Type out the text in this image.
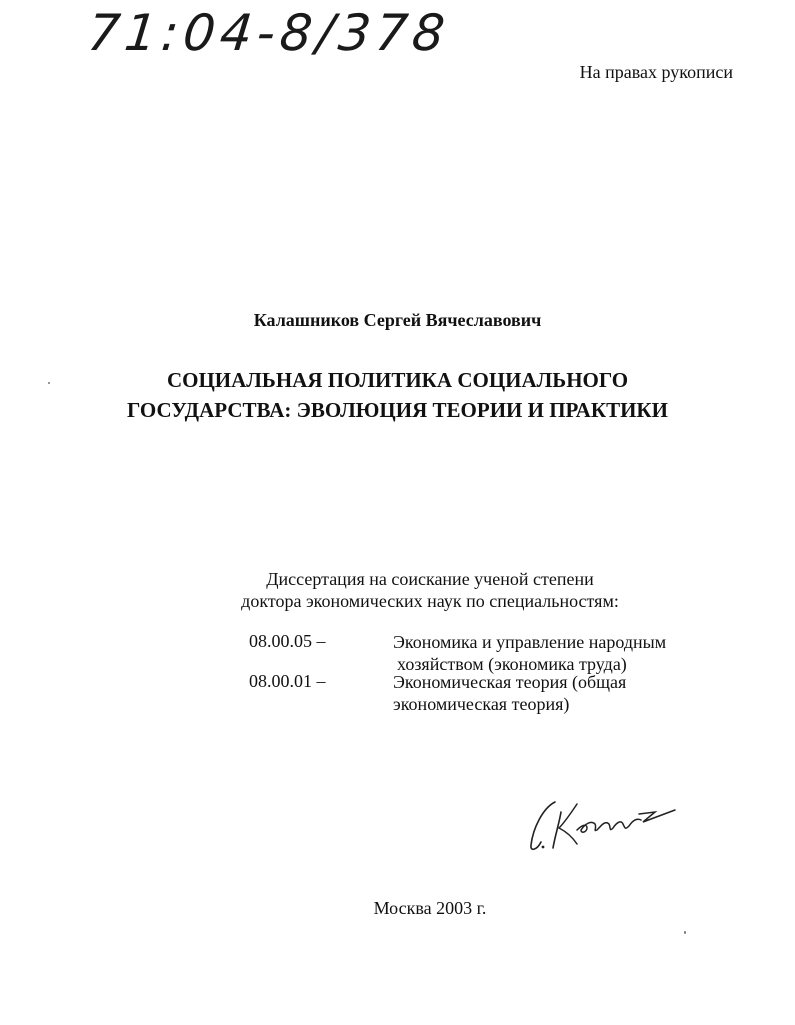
71:04-8/378
На правах рукописи
Калашников Сергей Вячеславович
СОЦИАЛЬНАЯ ПОЛИТИКА СОЦИАЛЬНОГО
ГОСУДАРСТВА: ЭВОЛЮЦИЯ ТЕОРИИ И ПРАКТИКИ
Диссертация на соискание ученой степени
доктора экономических наук по специальностям:
08.00.05 –	Экономика и управление народным
хозяйством (экономика труда)
08.00.01 –	Экономическая теория (общая
экономическая теория)
Москва 2003 г.
